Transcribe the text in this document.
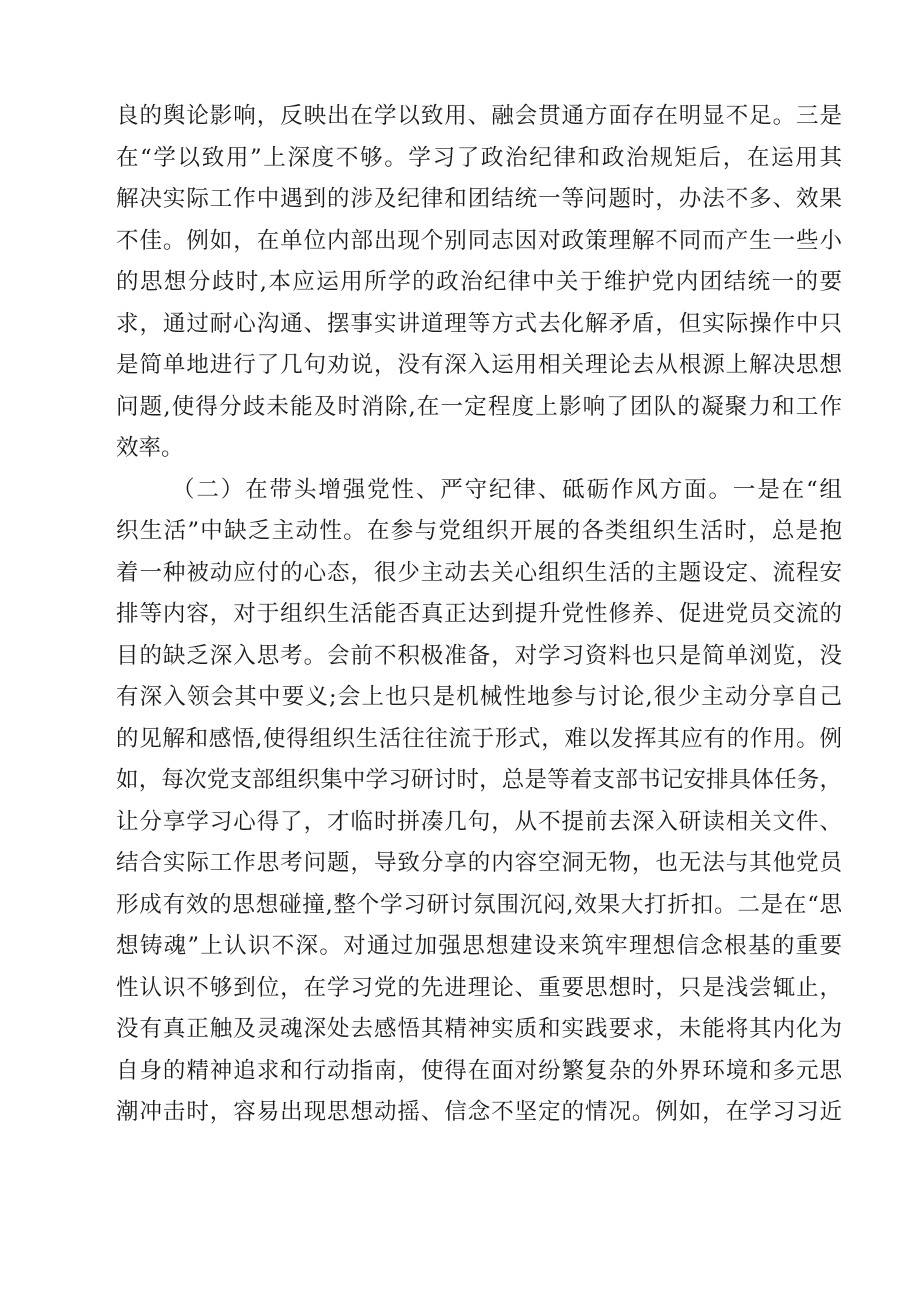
良的舆论影响，反映出在学以致用、融会贯通方面存在明显不足。三是
在“学以致用”上深度不够。学习了政治纪律和政治规矩后，在运用其
解决实际工作中遇到的涉及纪律和团结统一等问题时，办法不多、效果
不佳。例如，在单位内部出现个别同志因对政策理解不同而产生一些小
的思想分歧时,本应运用所学的政治纪律中关于维护党内团结统一的要
求，通过耐心沟通、摆事实讲道理等方式去化解矛盾，但实际操作中只
是简单地进行了几句劝说，没有深入运用相关理论去从根源上解决思想
问题,使得分歧未能及时消除,在一定程度上影响了团队的凝聚力和工作
效率。
（二）在带头增强党性、严守纪律、砥砺作风方面。一是在“组
织生活”中缺乏主动性。在参与党组织开展的各类组织生活时，总是抱
着一种被动应付的心态，很少主动去关心组织生活的主题设定、流程安
排等内容，对于组织生活能否真正达到提升党性修养、促进党员交流的
目的缺乏深入思考。会前不积极准备，对学习资料也只是简单浏览，没
有深入领会其中要义;会上也只是机械性地参与讨论,很少主动分享自己
的见解和感悟,使得组织生活往往流于形式，难以发挥其应有的作用。例
如，每次党支部组织集中学习研讨时，总是等着支部书记安排具体任务，
让分享学习心得了，才临时拼凑几句，从不提前去深入研读相关文件、
结合实际工作思考问题，导致分享的内容空洞无物，也无法与其他党员
形成有效的思想碰撞,整个学习研讨氛围沉闷,效果大打折扣。二是在“思
想铸魂”上认识不深。对通过加强思想建设来筑牢理想信念根基的重要
性认识不够到位，在学习党的先进理论、重要思想时，只是浅尝辄止，
没有真正触及灵魂深处去感悟其精神实质和实践要求，未能将其内化为
自身的精神追求和行动指南，使得在面对纷繁复杂的外界环境和多元思
潮冲击时，容易出现思想动摇、信念不坚定的情况。例如，在学习习近
